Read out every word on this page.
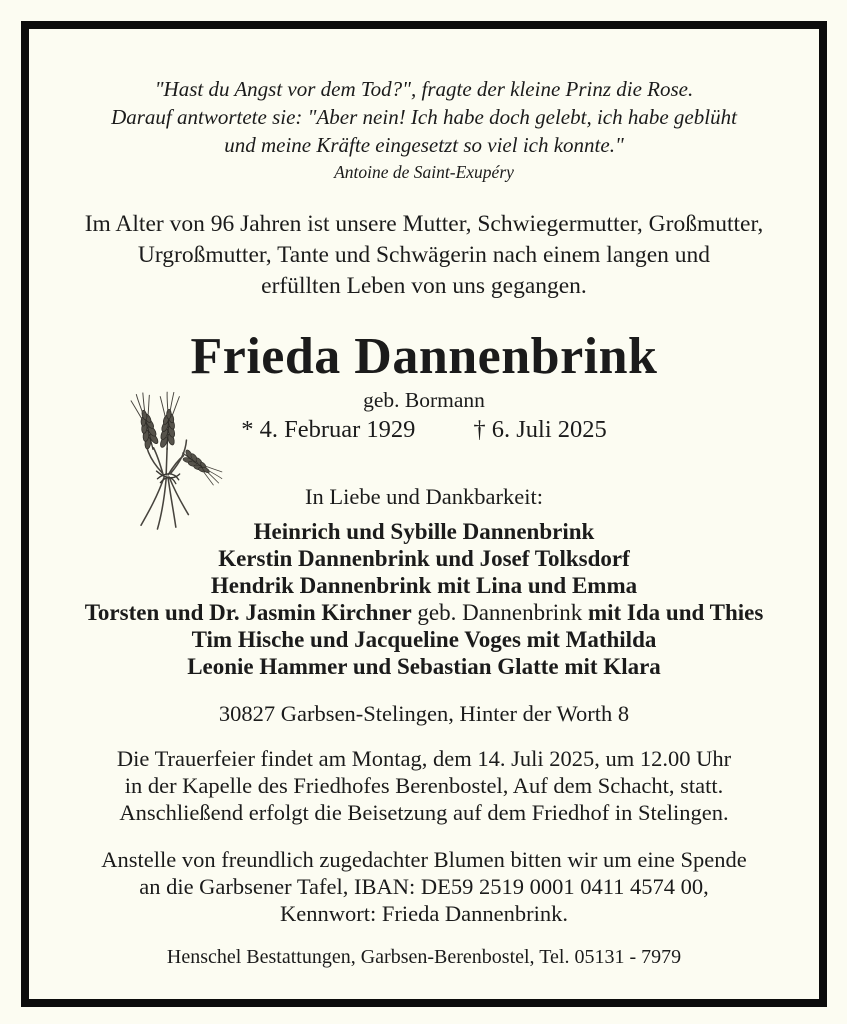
"Hast du Angst vor dem Tod?", fragte der kleine Prinz die Rose.
Darauf antwortete sie: "Aber nein! Ich habe doch gelebt, ich habe geblüht
und meine Kräfte eingesetzt so viel ich konnte."
Antoine de Saint-Exupéry
Im Alter von 96 Jahren ist unsere Mutter, Schwiegermutter, Großmutter,
Urgroßmutter, Tante und Schwägerin nach einem langen und
erfüllten Leben von uns gegangen.
Frieda Dannenbrink
geb. Bormann
* 4. Februar 1929 † 6. Juli 2025
In Liebe und Dankbarkeit:
Heinrich und Sybille Dannenbrink
Kerstin Dannenbrink und Josef Tolksdorf
Hendrik Dannenbrink mit Lina und Emma
Torsten und Dr. Jasmin Kirchner geb. Dannenbrink mit Ida und Thies
Tim Hische und Jacqueline Voges mit Mathilda
Leonie Hammer und Sebastian Glatte mit Klara
30827 Garbsen-Stelingen, Hinter der Worth 8
Die Trauerfeier findet am Montag, dem 14. Juli 2025, um 12.00 Uhr
in der Kapelle des Friedhofes Berenbostel, Auf dem Schacht, statt.
Anschließend erfolgt die Beisetzung auf dem Friedhof in Stelingen.
Anstelle von freundlich zugedachter Blumen bitten wir um eine Spende
an die Garbsener Tafel, IBAN: DE59 2519 0001 0411 4574 00,
Kennwort: Frieda Dannenbrink.
Henschel Bestattungen, Garbsen-Berenbostel, Tel. 05131 - 7979
